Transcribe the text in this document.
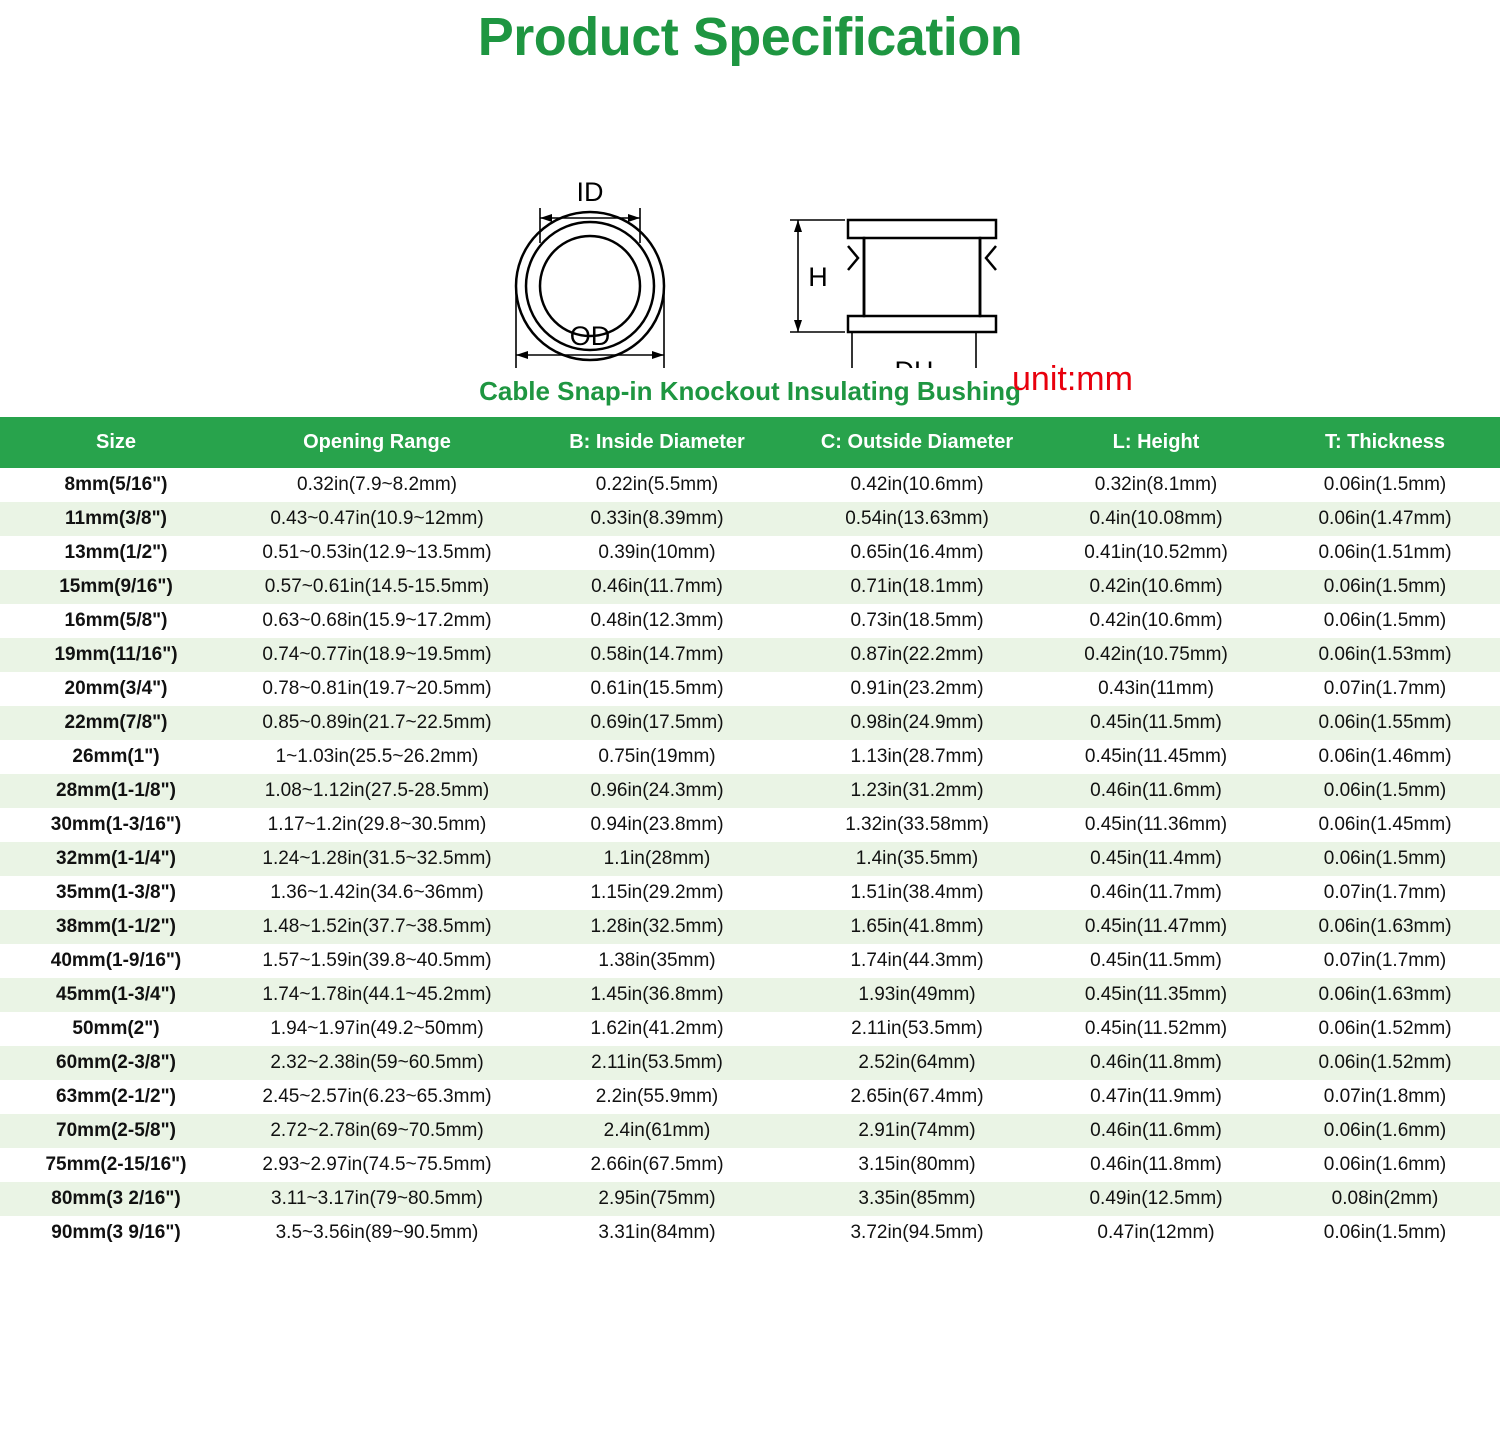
Product Specification
ID
OD
H
unit:mm
Cable Snap-in Knockout Insulating Bushing
Size	Opening Range	B: Inside Diameter	C: Outside Diameter	L: Height	T: Thickness
8mm(5/16")	0.32in(7.9~8.2mm)	0.22in(5.5mm)	0.42in(10.6mm)	0.32in(8.1mm)	0.06in(1.5mm)
11mm(3/8")	0.43~0.47in(10.9~12mm)	0.33in(8.39mm)	0.54in(13.63mm)	0.4in(10.08mm)	0.06in(1.47mm)
13mm(1/2")	0.51~0.53in(12.9~13.5mm)	0.39in(10mm)	0.65in(16.4mm)	0.41in(10.52mm)	0.06in(1.51mm)
15mm(9/16")	0.57~0.61in(14.5-15.5mm)	0.46in(11.7mm)	0.71in(18.1mm)	0.42in(10.6mm)	0.06in(1.5mm)
16mm(5/8")	0.63~0.68in(15.9~17.2mm)	0.48in(12.3mm)	0.73in(18.5mm)	0.42in(10.6mm)	0.06in(1.5mm)
19mm(11/16")	0.74~0.77in(18.9~19.5mm)	0.58in(14.7mm)	0.87in(22.2mm)	0.42in(10.75mm)	0.06in(1.53mm)
20mm(3/4")	0.78~0.81in(19.7~20.5mm)	0.61in(15.5mm)	0.91in(23.2mm)	0.43in(11mm)	0.07in(1.7mm)
22mm(7/8")	0.85~0.89in(21.7~22.5mm)	0.69in(17.5mm)	0.98in(24.9mm)	0.45in(11.5mm)	0.06in(1.55mm)
26mm(1")	1~1.03in(25.5~26.2mm)	0.75in(19mm)	1.13in(28.7mm)	0.45in(11.45mm)	0.06in(1.46mm)
28mm(1-1/8")	1.08~1.12in(27.5-28.5mm)	0.96in(24.3mm)	1.23in(31.2mm)	0.46in(11.6mm)	0.06in(1.5mm)
30mm(1-3/16")	1.17~1.2in(29.8~30.5mm)	0.94in(23.8mm)	1.32in(33.58mm)	0.45in(11.36mm)	0.06in(1.45mm)
32mm(1-1/4")	1.24~1.28in(31.5~32.5mm)	1.1in(28mm)	1.4in(35.5mm)	0.45in(11.4mm)	0.06in(1.5mm)
35mm(1-3/8")	1.36~1.42in(34.6~36mm)	1.15in(29.2mm)	1.51in(38.4mm)	0.46in(11.7mm)	0.07in(1.7mm)
38mm(1-1/2")	1.48~1.52in(37.7~38.5mm)	1.28in(32.5mm)	1.65in(41.8mm)	0.45in(11.47mm)	0.06in(1.63mm)
40mm(1-9/16")	1.57~1.59in(39.8~40.5mm)	1.38in(35mm)	1.74in(44.3mm)	0.45in(11.5mm)	0.07in(1.7mm)
45mm(1-3/4")	1.74~1.78in(44.1~45.2mm)	1.45in(36.8mm)	1.93in(49mm)	0.45in(11.35mm)	0.06in(1.63mm)
50mm(2")	1.94~1.97in(49.2~50mm)	1.62in(41.2mm)	2.11in(53.5mm)	0.45in(11.52mm)	0.06in(1.52mm)
60mm(2-3/8")	2.32~2.38in(59~60.5mm)	2.11in(53.5mm)	2.52in(64mm)	0.46in(11.8mm)	0.06in(1.52mm)
63mm(2-1/2")	2.45~2.57in(6.23~65.3mm)	2.2in(55.9mm)	2.65in(67.4mm)	0.47in(11.9mm)	0.07in(1.8mm)
70mm(2-5/8")	2.72~2.78in(69~70.5mm)	2.4in(61mm)	2.91in(74mm)	0.46in(11.6mm)	0.06in(1.6mm)
75mm(2-15/16")	2.93~2.97in(74.5~75.5mm)	2.66in(67.5mm)	3.15in(80mm)	0.46in(11.8mm)	0.06in(1.6mm)
80mm(3 2/16")	3.11~3.17in(79~80.5mm)	2.95in(75mm)	3.35in(85mm)	0.49in(12.5mm)	0.08in(2mm)
90mm(3 9/16")	3.5~3.56in(89~90.5mm)	3.31in(84mm)	3.72in(94.5mm)	0.47in(12mm)	0.06in(1.5mm)
